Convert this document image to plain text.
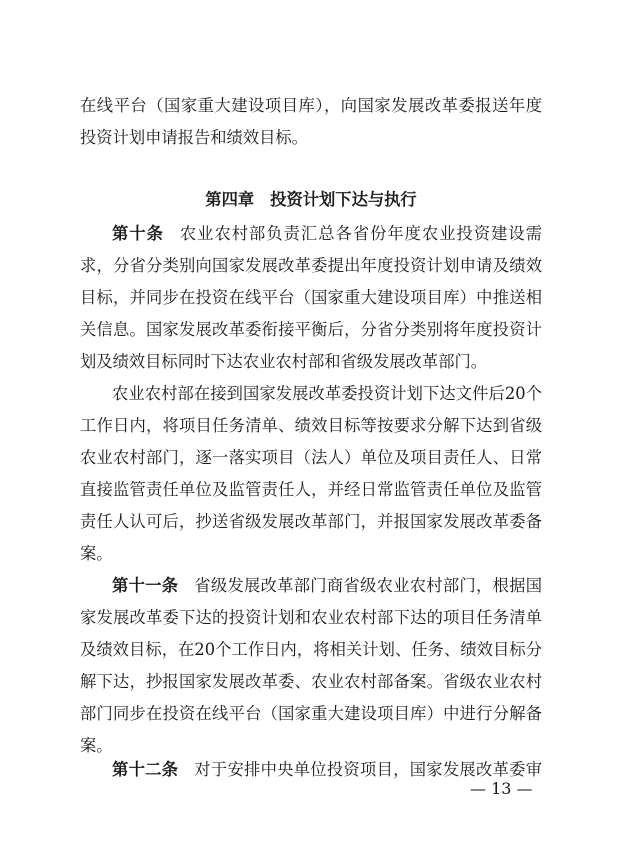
在线平台（国家重大建设项目库），向国家发展改革委报送年度
投资计划申请报告和绩效目标。
第四章 投资计划下达与执行
第十条 农业农村部负责汇总各省份年度农业投资建设需
求，分省分类别向国家发展改革委提出年度投资计划申请及绩效
目标，并同步在投资在线平台（国家重大建设项目库）中推送相
关信息。国家发展改革委衔接平衡后，分省分类别将年度投资计
划及绩效目标同时下达农业农村部和省级发展改革部门。
农业农村部在接到国家发展改革委投资计划下达文件后20个
工作日内，将项目任务清单、绩效目标等按要求分解下达到省级
农业农村部门，逐一落实项目（法人）单位及项目责任人、日常
直接监管责任单位及监管责任人，并经日常监管责任单位及监管
责任人认可后，抄送省级发展改革部门，并报国家发展改革委备
案。
第十一条 省级发展改革部门商省级农业农村部门，根据国
家发展改革委下达的投资计划和农业农村部下达的项目任务清单
及绩效目标，在20个工作日内，将相关计划、任务、绩效目标分
解下达，抄报国家发展改革委、农业农村部备案。省级农业农村
部门同步在投资在线平台（国家重大建设项目库）中进行分解备
案。
第十二条 对于安排中央单位投资项目，国家发展改革委审
— 13 —
